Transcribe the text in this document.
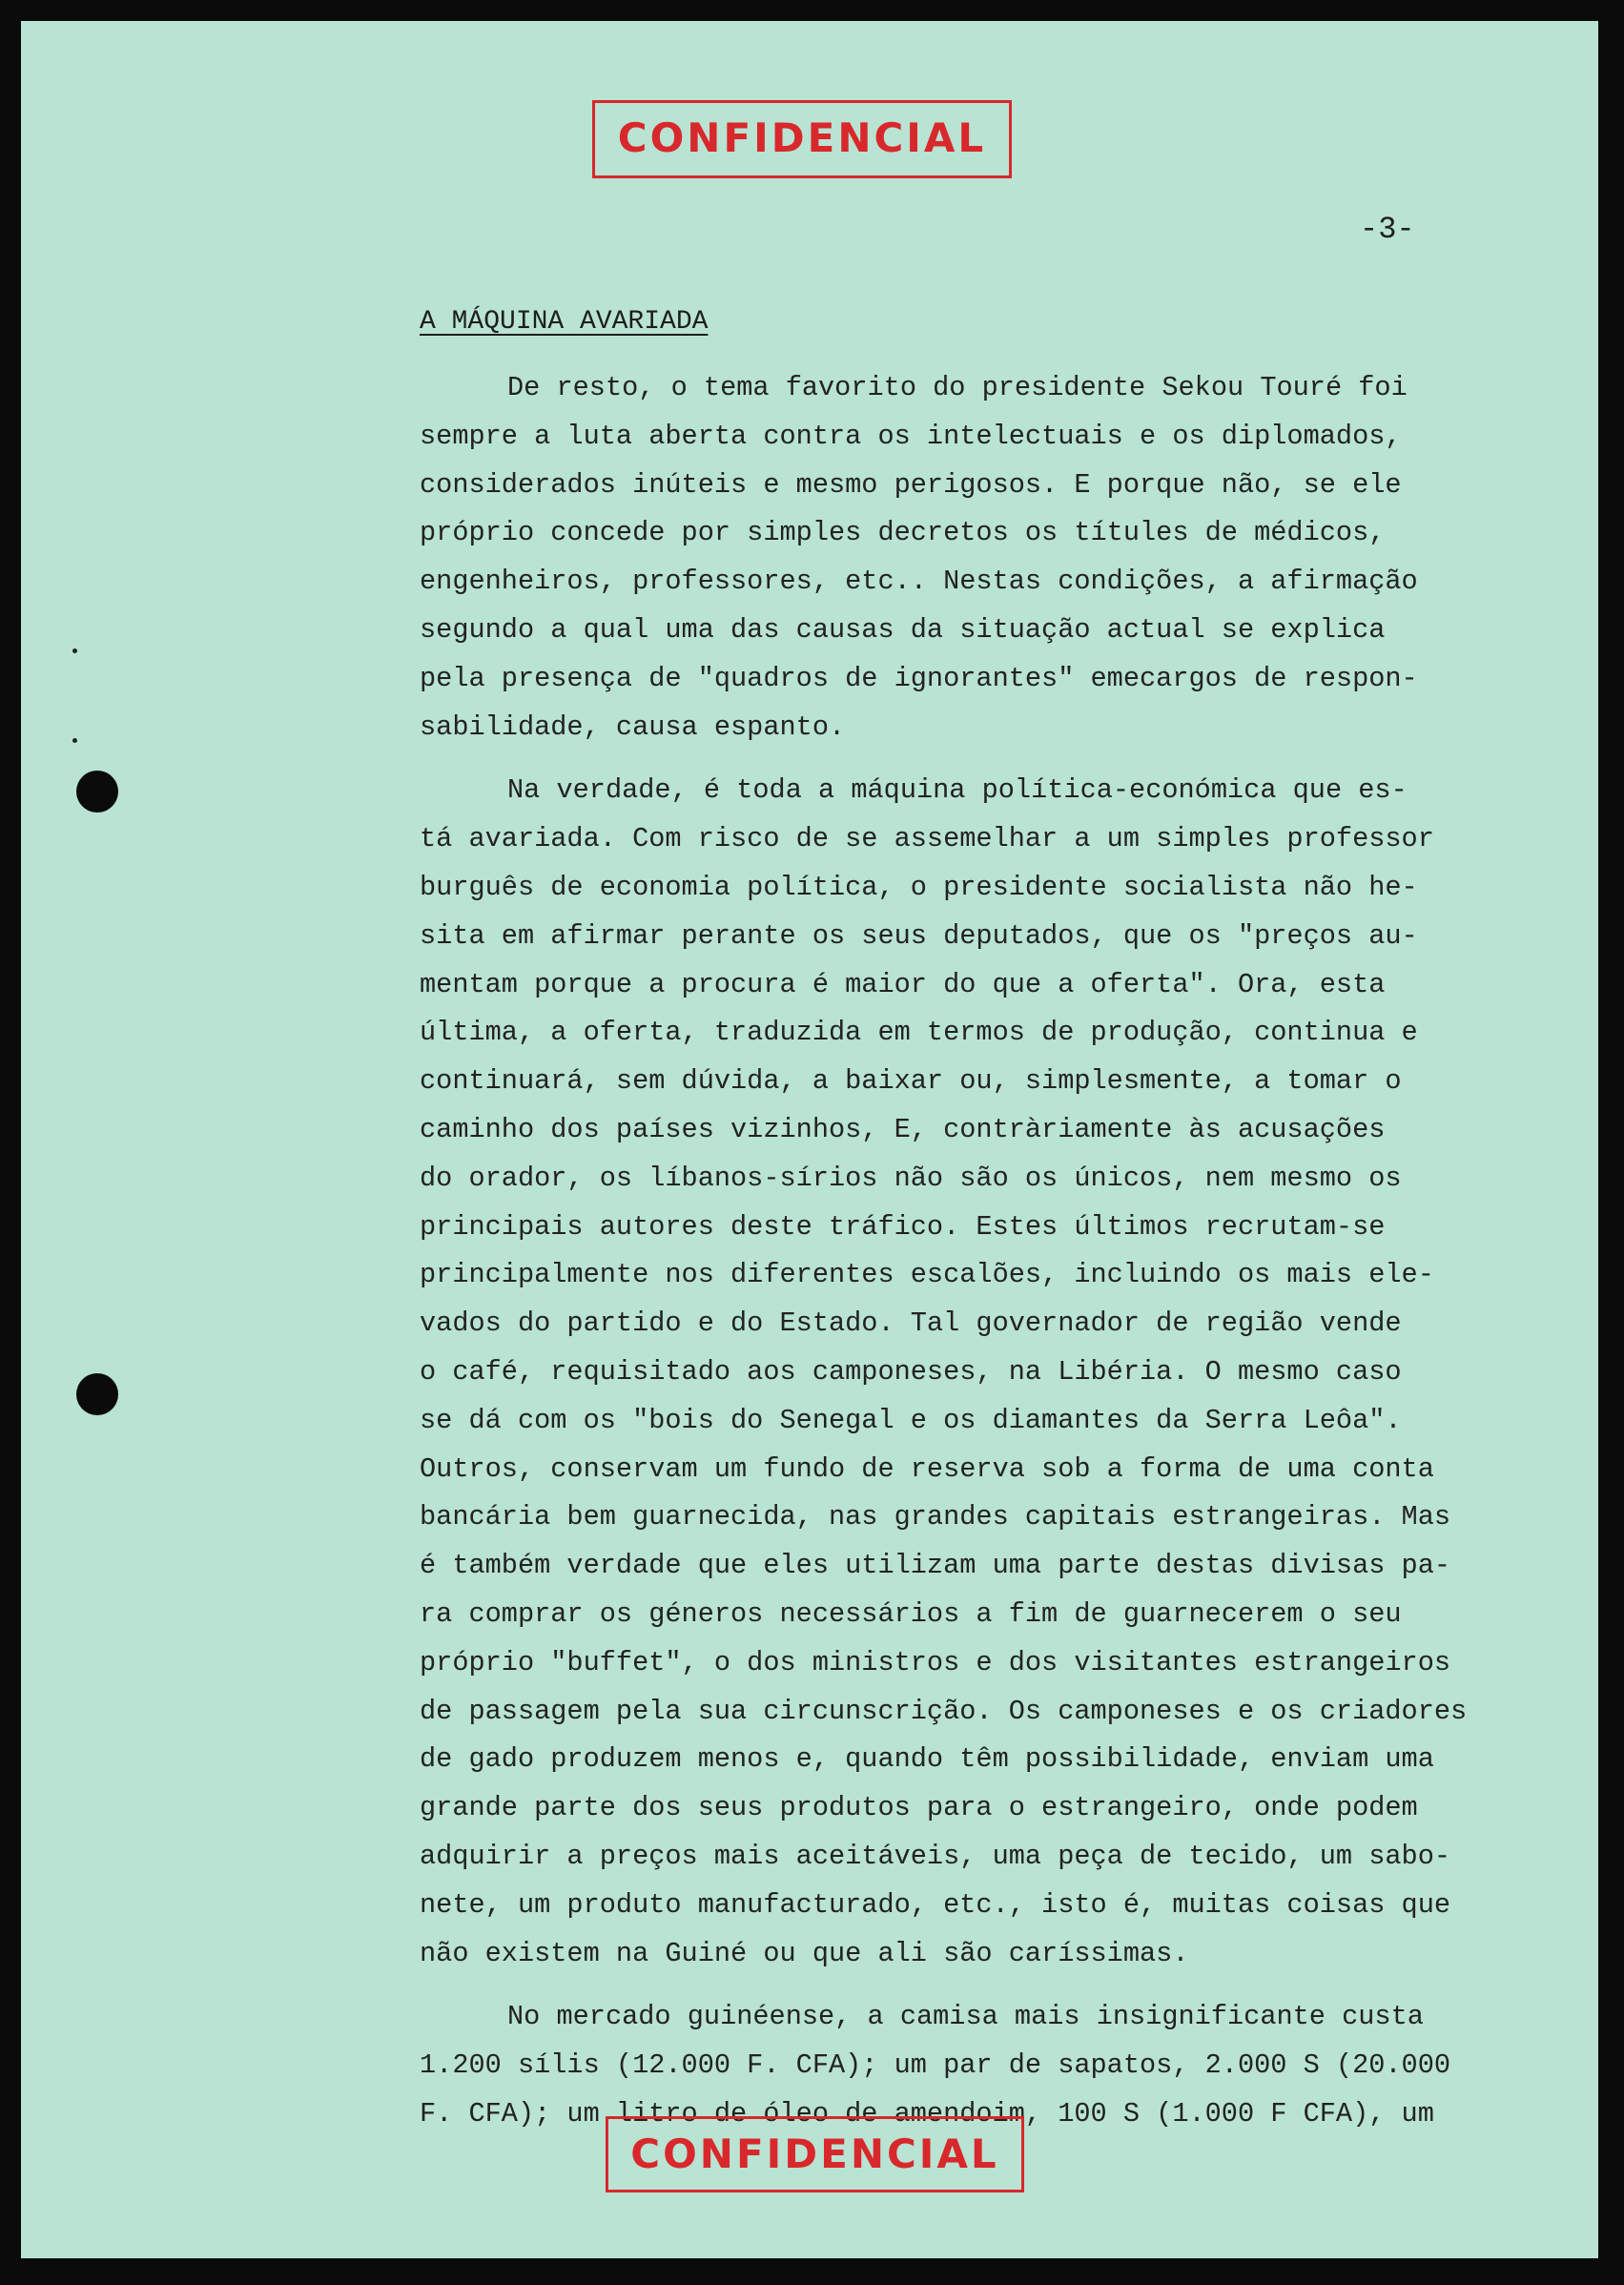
CONFIDENCIAL
-3-
A MÁQUINA AVARIADA

De resto, o tema favorito do presidente Sekou Touré foi
sempre a luta aberta contra os intelectuais e os diplomados,
considerados inúteis e mesmo perigosos. E porque não, se ele
próprio concede por simples decretos os títules de médicos,
engenheiros, professores, etc.. Nestas condições, a afirmação
segundo a qual uma das causas da situação actual se explica
pela presença de "quadros de ignorantes" emecargos de respon-
sabilidade, causa espanto.

Na verdade, é toda a máquina política-económica que es-
tá avariada. Com risco de se assemelhar a um simples professor
burguês de economia política, o presidente socialista não he-
sita em afirmar perante os seus deputados, que os "preços au-
mentam porque a procura é maior do que a oferta". Ora, esta
última, a oferta, traduzida em termos de produção, continua e
continuará, sem dúvida, a baixar ou, simplesmente, a tomar o
caminho dos países vizinhos, E, contràriamente às acusações
do orador, os líbanos-sírios não são os únicos, nem mesmo os
principais autores deste tráfico. Estes últimos recrutam-se
principalmente nos diferentes escalões, incluindo os mais ele-
vados do partido e do Estado. Tal governador de região vende
o café, requisitado aos camponeses, na Libéria. O mesmo caso
se dá com os "bois do Senegal e os diamantes da Serra Leôa".
Outros, conservam um fundo de reserva sob a forma de uma conta
bancária bem guarnecida, nas grandes capitais estrangeiras. Mas
é também verdade que eles utilizam uma parte destas divisas pa-
ra comprar os géneros necessários a fim de guarnecerem o seu
próprio "buffet", o dos ministros e dos visitantes estrangeiros
de passagem pela sua circunscrição. Os camponeses e os criadores
de gado produzem menos e, quando têm possibilidade, enviam uma
grande parte dos seus produtos para o estrangeiro, onde podem
adquirir a preços mais aceitáveis, uma peça de tecido, um sabo-
nete, um produto manufacturado, etc., isto é, muitas coisas que
não existem na Guiné ou que ali são caríssimas.

No mercado guinéense, a camisa mais insignificante custa
1.200 sílis (12.000 F. CFA); um par de sapatos, 2.000 S (20.000
F. CFA); um litro de óleo de amendoim, 100 S (1.000 F CFA), um

CONFIDENCIAL
